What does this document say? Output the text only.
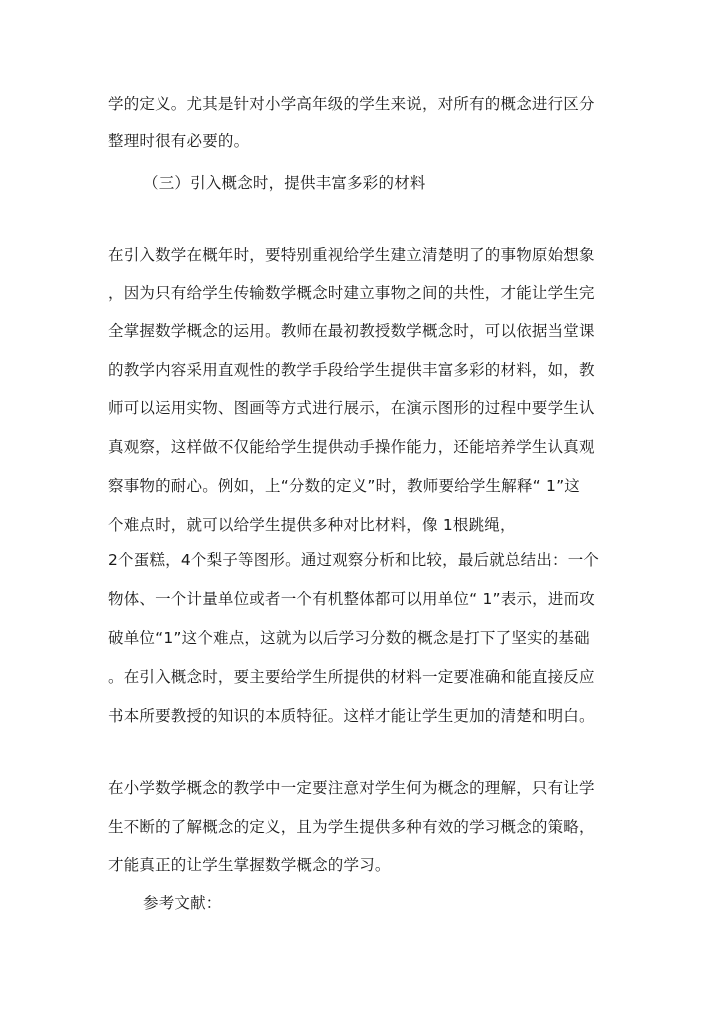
学的定义。尤其是针对小学高年级的学生来说，对所有的概念进行区分
整理时很有必要的。
（三）引入概念时，提供丰富多彩的材料
在引入数学在概年时，要特别重视给学生建立清楚明了的事物原始想象
，因为只有给学生传输数学概念时建立事物之间的共性，才能让学生完
全掌握数学概念的运用。教师在最初教授数学概念时，可以依据当堂课
的教学内容采用直观性的教学手段给学生提供丰富多彩的材料，如，教
师可以运用实物、图画等方式进行展示，在演示图形的过程中要学生认
真观察，这样做不仅能给学生提供动手操作能力，还能培养学生认真观
察事物的耐心。例如，上“分数的定义”时，教师要给学生解释“ 1”这
个难点时，就可以给学生提供多种对比材料，像 1根跳绳，
2个蛋糕，4个梨子等图形。通过观察分析和比较，最后就总结出：一个
物体、一个计量单位或者一个有机整体都可以用单位“ 1”表示，进而攻
破单位“1”这个难点，这就为以后学习分数的概念是打下了坚实的基础
。在引入概念时，要主要给学生所提供的材料一定要准确和能直接反应
书本所要教授的知识的本质特征。这样才能让学生更加的清楚和明白。
在小学数学概念的教学中一定要注意对学生何为概念的理解，只有让学
生不断的了解概念的定义，且为学生提供多种有效的学习概念的策略，
才能真正的让学生掌握数学概念的学习。
参考文献：
